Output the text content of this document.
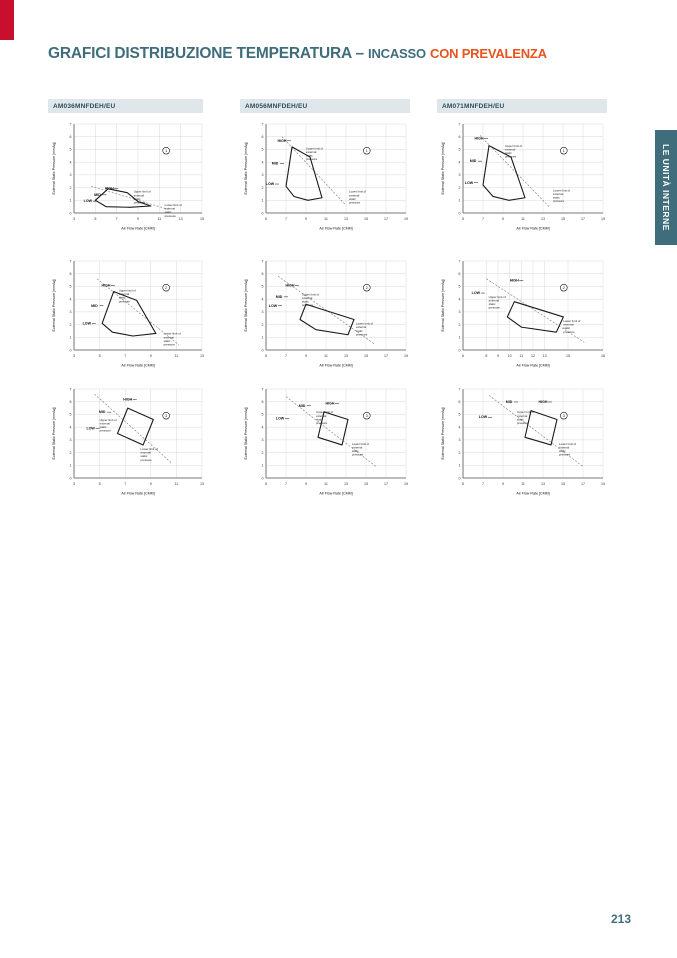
LE UNITÀ INTERNE
GRAFICI DISTRIBUZIONE TEMPERATURA – INCASSO CON PREVALENZA
AM036MNFDEH/EU	AM056MNFDEH/EU	AM071MNFDEH/EU
3	5	7	9	11	13	15
0
1
2
3
4
5
6
7
HIGH
MID
LOW
Upper limit of
external
static
pressure
Lower limit of
external
static
pressure
1
Air Flow Rate [CMM]
External Static Pressure [mmAq]
5	7	9	11	13	15	17	19
0
1
2
3
4
5
6
7
HIGH
MID
LOW
Upper limit of
external
static
pressure
Lower limit of
external
static
pressure
1
Air Flow Rate [CMM]
External Static Pressure [mmAq]
5	7	9	11	13	15	17	19
0
1
2
3
4
5
6
7
HIGH
MID
LOW
Upper limit of
external
static
pressure
Lower limit of
external
static
pressure
1
Air Flow Rate [CMM]
External Static Pressure [mmAq]
3	5	7	9	11	13
0
1
2
3
4
5
6
7
HIGH
MID
LOW
Upper limit of
external
static
pressure
Lower limit of
external
static
pressure
2
Air Flow Rate [CMM]
External Static Pressure [mmAq]
5	7	9	11	13	15	17	19
0
1
2
3
4
5
6
7
HIGH
MID
LOW
Upper limit of
external
static
pressure
Lower limit of
external
static
pressure
2
Air Flow Rate [CMM]
External Static Pressure [mmAq]
6	8	9 10 11 12 13	15	18
0
1
2
3
4
5
6
7
HIGH
LOW
Upper limit of
external
static
pressure
Lower limit of
external
static
pressure
2
Air Flow Rate [CMM]
External Static Pressure [mmAq]
3	5	7	9	11	13
0
1
2
3
4
5
6
7
HIGH
MID
LOW
Upper limit of
external
static
pressure
Lower limit of
external
static
pressure
3
Air Flow Rate [CMM]
External Static Pressure [mmAq]
5	7	9	11	13	15	17	19
0
1
2
3
4
5
6
7
HIGH
MID
LOW
Upper limit of
external
static
pressure
Lower limit of
external
static
pressure
3
Air Flow Rate [CMM]
External Static Pressure [mmAq]
5	7	9	11	13	15	17	19
0
1
2
3
4
5
6
7
HIGH
MID
LOW
Upper limit of
external
static
pressure
Lower limit of
external
static
pressure
3
Air Flow Rate [CMM]
External Static Pressure [mmAq]
213
